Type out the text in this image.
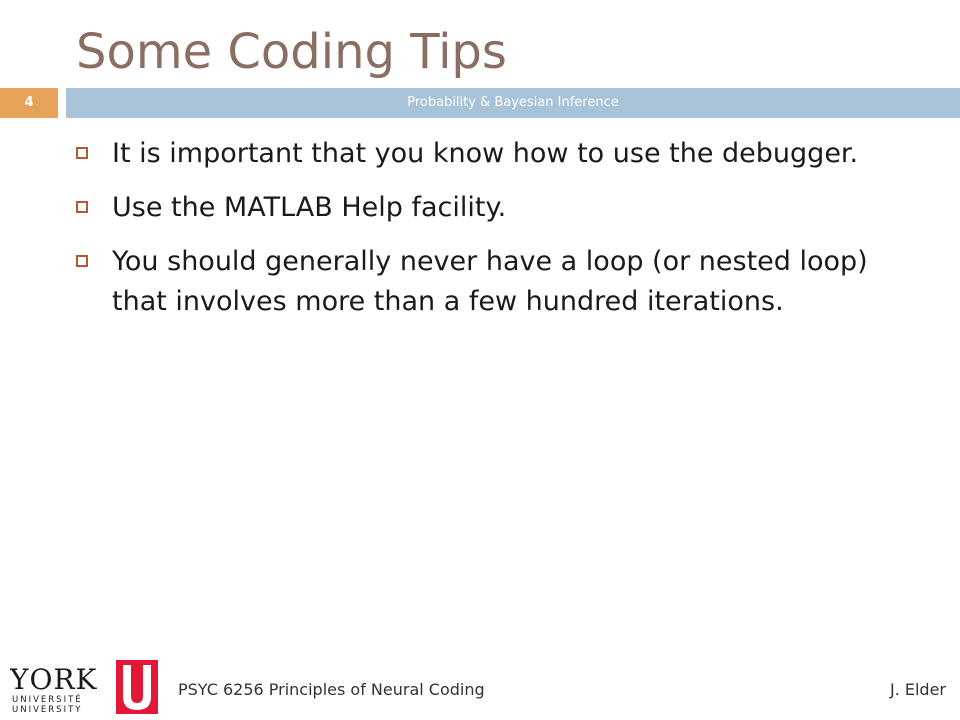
Some Coding Tips
4	Probability & Bayesian Inference
It is important that you know how to use the debugger.
Use the MATLAB Help facility.
You should generally never have a loop (or nested loop) that involves more than a few hundred iterations.
YORK
UNIVERSITÉ
UNIVERSITY
PSYC 6256 Principles of Neural Coding	J. Elder
